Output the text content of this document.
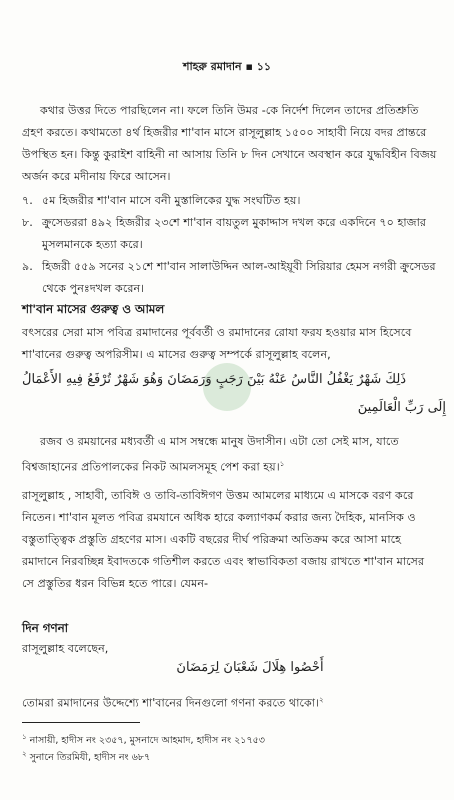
শাহরু রমাদান ▪ ১১
কথার উত্তর দিতে পারছিলেন না। ফলে তিনি উমর -কে নির্দেশ দিলেন তাদের প্রতিশ্রুতি গ্রহণ করতে। কথামতো ৪র্থ হিজরীর শা'বান মাসে রাসূলুল্লাহ ১৫০০ সাহাবী নিয়ে বদর প্রান্তরে উপস্থিত হন। কিন্তু কুরাইশ বাহিনী না আসায় তিনি ৮ দিন সেখানে অবস্থান করে যুদ্ধবিহীন বিজয় অর্জন করে মদীনায় ফিরে আসেন।
৭. ৫ম হিজরীর শা'বান মাসে বনী মুস্তালিকের যুদ্ধ সংঘটিত হয়।
৮. ক্রুসেডররা ৪৯২ হিজরীর ২৩শে শা'বান বায়তুল মুকাদ্দাস দখল করে একদিনে ৭০ হাজার মুসলমানকে হত্যা করে।
৯. হিজরী ৫৫৯ সনের ২১শে শা'বান সালাউদ্দিন আল-আইয়ূবী সিরিয়ার হেমস নগরী ক্রুসেডর থেকে পুনঃদখল করেন।
শা'বান মাসের গুরুত্ব ও আমল
বৎসরের সেরা মাস পবিত্র রমাদানের পূর্ববর্তী ও রমাদানের রোযা ফরয হওয়ার মাস হিসেবে শা'বানের গুরুত্ব অপরিসীম। এ মাসের গুরুত্ব সম্পর্কে রাসূলুল্লাহ বলেন,
ذَلِكَ شَهْرٌ يَغْفُلُ النَّاسُ عَنْهُ بَيْنَ رَجَبٍ وَرَمَضَانَ وَهُوَ شَهْرٌ تُرْفَعُ فِيهِ الأَعْمَالُ
إِلَى رَبِّ الْعَالَمِينَ
রজব ও রময়ানের মধ্যবর্তী এ মাস সম্বন্ধে মানুষ উদাসীন। এটা তো সেই মাস, যাতে বিশ্বজাহানের প্রতিপালকের নিকট আমলসমূহ পেশ করা হয়।$^১$
রাসূলুল্লাহ , সাহাবী, তাবিঈ ও তাবি-তাবিঈগণ উত্তম আমলের মাধ্যমে এ মাসকে বরণ করে নিতেন। শা'বান মূলত পবিত্র রমযানে অধিক হারে কল্যাণকর্ম করার জন্য দৈহিক, মানসিক ও বস্তুতাত্ত্বিক প্রস্তুতি গ্রহণের মাস। একটি বছরের দীর্ঘ পরিক্রমা অতিক্রম করে আসা মাহে রমাদানে নিরবচ্ছিন্ন ইবাদতকে গতিশীল করতে এবং স্বাভাবিকতা বজায় রাখতে শা'বান মাসের সে প্রস্তুতির ধরন বিভিন্ন হতে পারে। যেমন-
দিন গণনা
রাসূলুল্লাহ বলেছেন,
أَحْصُوا هِلَالَ شَعْبَانَ لِرَمَضَانَ
তোমরা রমাদানের উদ্দেশ্যে শা'বানের দিনগুলো গণনা করতে থাকো।$^২$
$^১$ নাসায়ী, হাদীস নং ২৩৫৭, মুসনাদে আহমাদ, হাদীস নং ২১৭৫৩
$^২$ সুনানে তিরমিযী, হাদীস নং ৬৮৭
